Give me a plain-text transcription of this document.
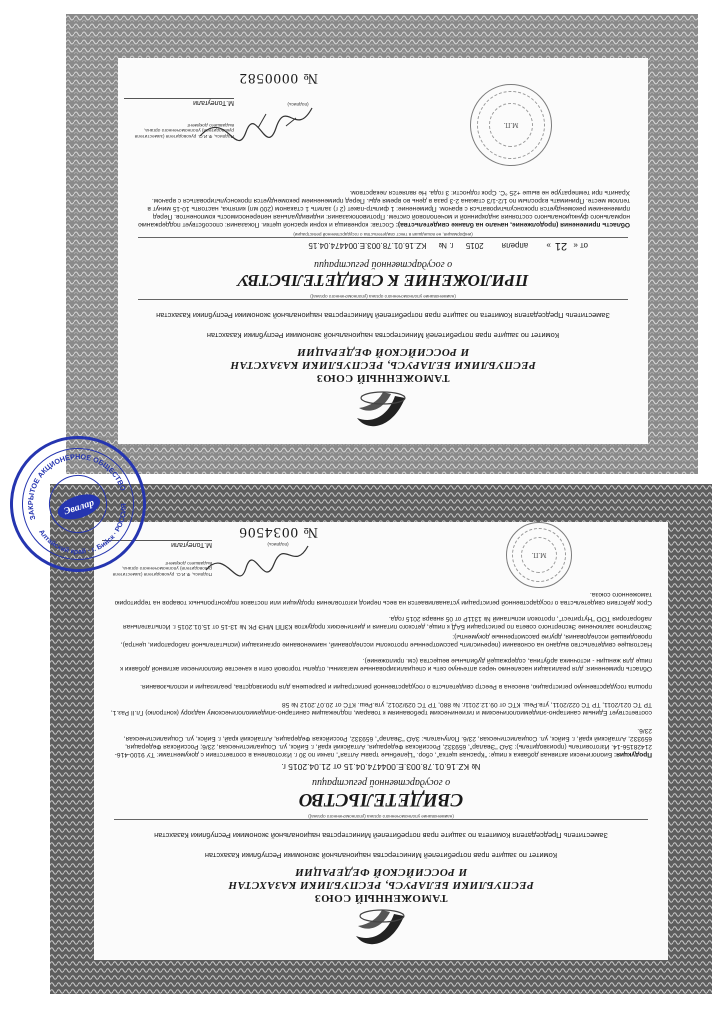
ТАМОЖЕННЫЙ СОЮЗ
РЕСПУБЛИКИ БЕЛАРУСЬ, РЕСПУБЛИКИ КАЗАХСТАН
И РОССИЙСКОЙ ФЕДЕРАЦИИ
Комитет по защите прав потребителей Министерства национальной экономики Республики Казахстан
Заместитель Председателя Комитета по защите прав потребителей Министерства национальной экономики Республики Казахстан
(наименование уполномоченного органа (уполномоченного органа))
ПРИЛОЖЕНИЕ К СВИДЕТЕЛЬСТВУ
о государственной регистрации
от « 21» апреля 2015 г. № KZ.16.01.78.003.Е.004474.04.15
(информация, не вошедшая в текст свидетельства о государственной регистрации)
Область применения (продолжение, начало на бланке свидетельства): Состав: корневища и корни красной щетки. Показания: способствует поддержанию нормального функционального состояния эндокринной и мочеполовой систем. Противопоказания: индивидуальная непереносимость компонентов. Перед применением рекомендуется проконсультироваться с врачом. Применение: 1 фильтр-пакет (2 г) залить 1 стаканом (200 мл) кипятка, настоять 10-15 минут в теплом месте. Принимать взрослым по 1/2-1/3 стакана 2-3 раза в день во время еды. Перед применением рекомендуется проконсультироваться с врачом. Хранить при температуре не выше +25 °С. Срок годности: 3 года. Не является лекарством.
М.П.
Подпись, Ф.И.О. руководителя (заместителя руководителя) уполномоченного органа, выдавшего документ
М.Толеугали	(подпись)
№ 0000582
ТАМОЖЕННЫЙ СОЮЗ
РЕСПУБЛИКИ БЕЛАРУСЬ, РЕСПУБЛИКИ КАЗАХСТАН
И РОССИЙСКОЙ ФЕДЕРАЦИИ
Комитет по защите прав потребителей Министерства национальной экономики Республики Казахстан
Заместитель Председателя Комитета по защите прав потребителей Министерства национальной экономики Республики Казахстан
(наименование уполномоченного органа (уполномоченного органа))
СВИДЕТЕЛЬСТВО
о государственной регистрации
№ KZ.16.01.78.003.Е.004474.04.15 от 21.04.2015 г.
Продукция: Биологически активная добавка к пище: "Красная щетка", сбор. "Целебные травы Алтая", пачки по 30 г. Изготовлена в соответствии с документами: ТУ 9100-416-21428156-14. Изготовитель (производитель): ЗАО "Эвалар", 659332, Российская Федерация, Алтайский край, г. Бийск, ул. Социалистическая, 23/6; Российская Федерация, 659332, Алтайский край, г. Бийск, ул. Социалистическая, 23/6. Получатель: ЗАО "Эвалар", 659332, Российская Федерация, Алтайский край, г. Бийск, ул. Социалистическая, 23/6.
соответствует Единым санитарно-эпидемиологическим и гигиеническим требованиям к товарам, подлежащим санитарно-эпидемиологическому надзору (контролю) Гл.II Раз.1, ТР ТС 021/2011, ТР ТС 022/2011, утв.Реш. КТС от 09.12.2011г. № 880, ТР ТС 029/2012, утв.Реш. КТС от 20.07.2012 № 58
прошла государственную регистрацию, внесена в Реестр свидетельств о государственной регистрации и разрешена для производства, реализации и использования.
Область применения: для реализации населению через аптечную сеть и специализированные магазины, отделы торговой сети в качестве биологически активной добавки к пище для женщин - источника арбутина, содержащей дубильные вещества (см. приложение).
Настоящее свидетельство выдано на основании (перечислить рассмотренные протоколы исследований, наименование организации (испытательной лаборатории, центра), проводившей исследования, другие рассмотренные документы):
Экспертное заключение Экспертного совета по регистрации БАД к пище, детского питания и диетических продуктов КЗПП МНЭ РК № 13-15 от 15.01.2015 г. Испытательная лаборатория ТОО "Нутритест", протокол испытаний № 1311Р от 05 января 2015 года.
Срок действия свидетельства о государственной регистрации устанавливается на весь период изготовления продукции или поставок подконтрольных товаров на территорию таможенного союза.
М.П.
Подпись, Ф.И.О. руководителя (заместителя руководителя) уполномоченного органа, выдавшего документ
М.Толеугали	(подпись)
№ 0034506
ЗАКРЫТОЕ АКЦИОНЕРНОЕ ОБЩЕСТВО
Алтайский край · г. Бийск · РОССИЯ
Эвалар
